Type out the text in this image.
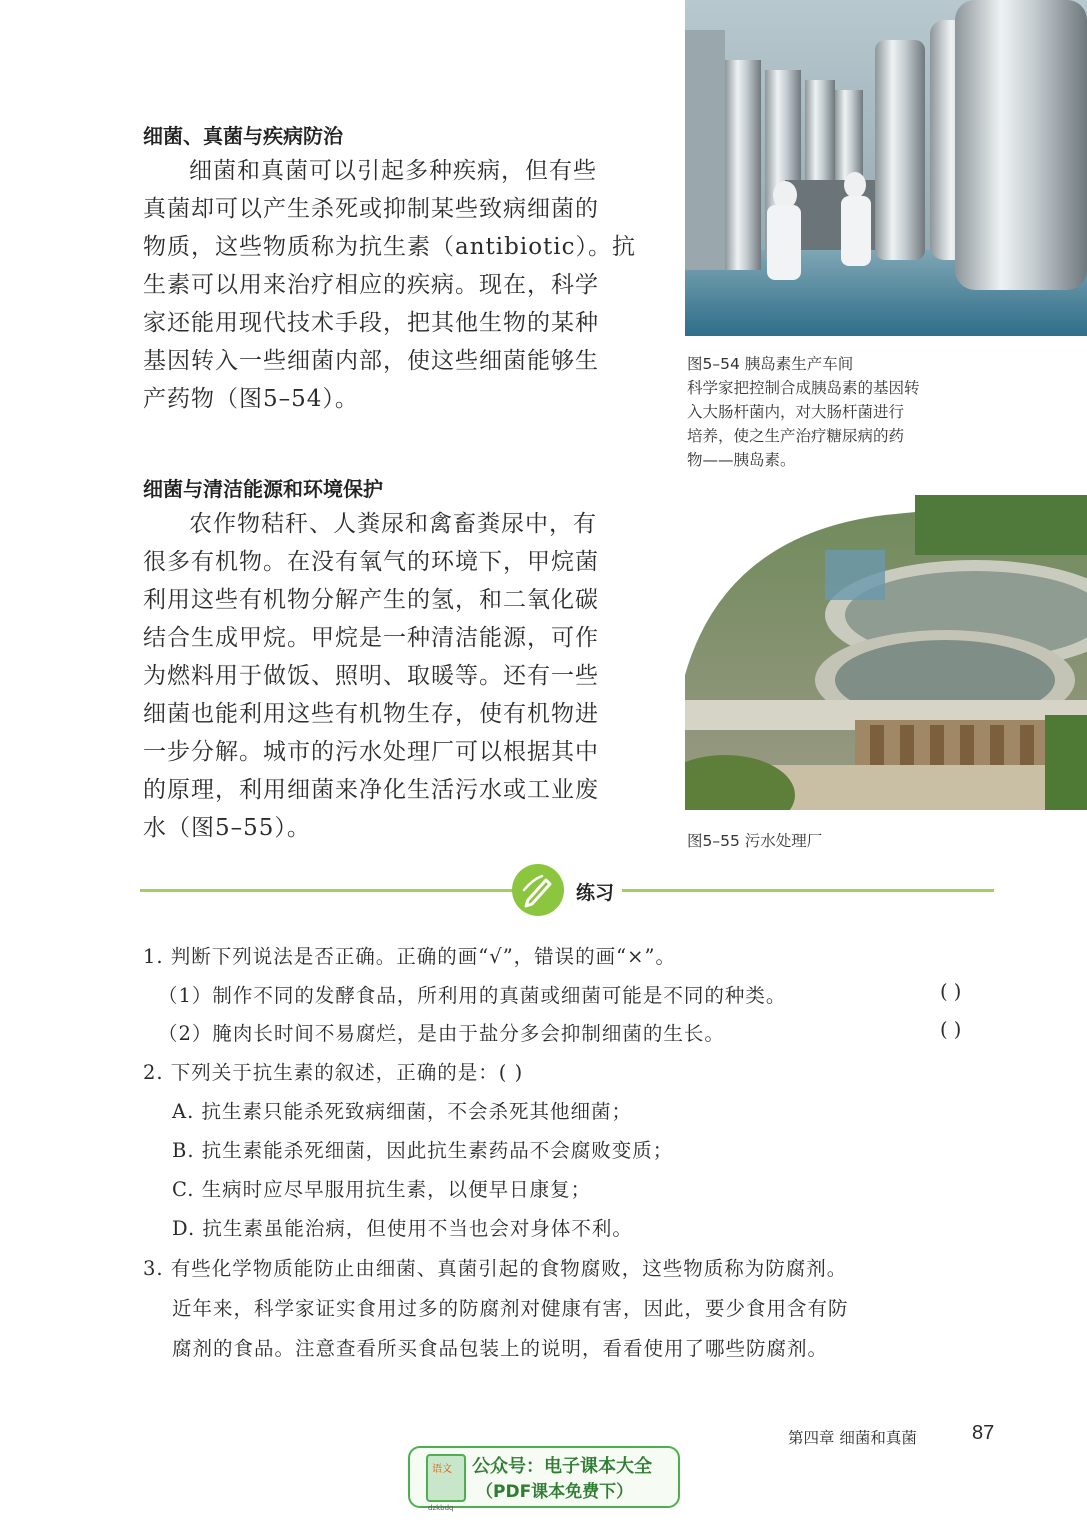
细菌、真菌与疾病防治
细菌和真菌可以引起多种疾病，但有些
真菌却可以产生杀死或抑制某些致病细菌的
物质，这些物质称为抗生素（antibiotic）。抗
生素可以用来治疗相应的疾病。现在，科学
家还能用现代技术手段，把其他生物的某种
基因转入一些细菌内部，使这些细菌能够生
产药物（图5–54）。
细菌与清洁能源和环境保护
农作物秸秆、人粪尿和禽畜粪尿中，有
很多有机物。在没有氧气的环境下，甲烷菌
利用这些有机物分解产生的氢，和二氧化碳
结合生成甲烷。甲烷是一种清洁能源，可作
为燃料用于做饭、照明、取暖等。还有一些
细菌也能利用这些有机物生存，使有机物进
一步分解。城市的污水处理厂可以根据其中
的原理，利用细菌来净化生活污水或工业废
水（图5–55）。
图5–54 胰岛素生产车间
科学家把控制合成胰岛素的基因转
入大肠杆菌内，对大肠杆菌进行
培养，使之生产治疗糖尿病的药
物——胰岛素。
图5–55 污水处理厂
练习
1. 判断下列说法是否正确。正确的画“√”，错误的画“×”。
（1）制作不同的发酵食品，所利用的真菌或细菌可能是不同的种类。	( )
（2）腌肉长时间不易腐烂，是由于盐分多会抑制细菌的生长。	( )
2. 下列关于抗生素的叙述，正确的是：( )
A. 抗生素只能杀死致病细菌，不会杀死其他细菌；
B. 抗生素能杀死细菌，因此抗生素药品不会腐败变质；
C. 生病时应尽早服用抗生素，以便早日康复；
D. 抗生素虽能治病，但使用不当也会对身体不利。
3. 有些化学物质能防止由细菌、真菌引起的食物腐败，这些物质称为防腐剂。
近年来，科学家证实食用过多的防腐剂对健康有害，因此，要少食用含有防
腐剂的食品。注意查看所买食品包装上的说明，看看使用了哪些防腐剂。
第四章 细菌和真菌	87
语文
dzkbdq
公众号：电子课本大全
（PDF课本免费下）
